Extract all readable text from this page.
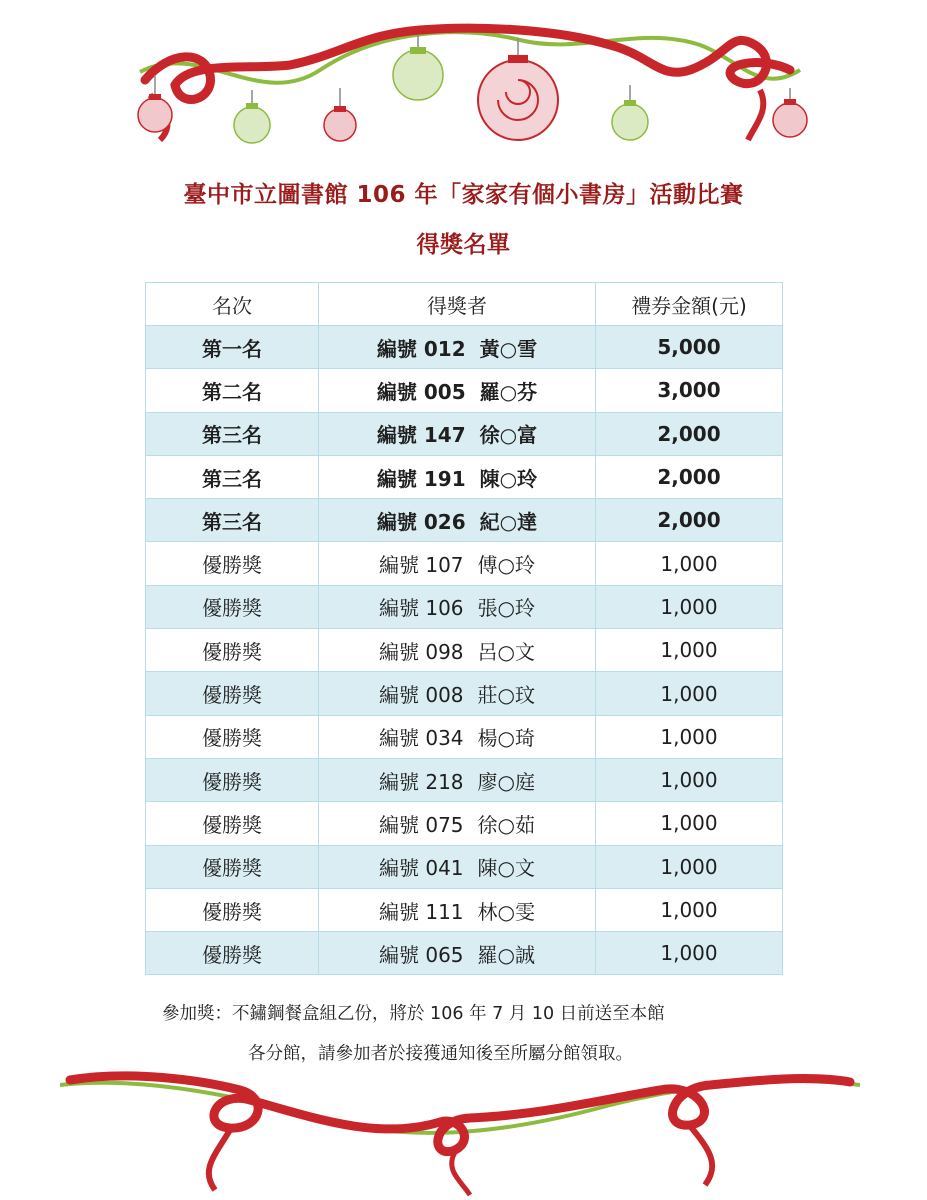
臺中市立圖書館 106 年「家家有個小書房」活動比賽
得獎名單
名次	得獎者	禮券金額(元)
第一名	編號 012 黃○雪	5,000
第二名	編號 005 羅○芬	3,000
第三名	編號 147 徐○富	2,000
第三名	編號 191 陳○玲	2,000
第三名	編號 026 紀○達	2,000
優勝獎	編號 107 傅○玲	1,000
優勝獎	編號 106 張○玲	1,000
優勝獎	編號 098 呂○文	1,000
優勝獎	編號 008 莊○玟	1,000
優勝獎	編號 034 楊○琦	1,000
優勝獎	編號 218 廖○庭	1,000
優勝獎	編號 075 徐○茹	1,000
優勝獎	編號 041 陳○文	1,000
優勝獎	編號 111 林○雯	1,000
優勝獎	編號 065 羅○誠	1,000
參加獎：不鏽鋼餐盒組乙份，將於 106 年 7 月 10 日前送至本館
各分館，請參加者於接獲通知後至所屬分館領取。
